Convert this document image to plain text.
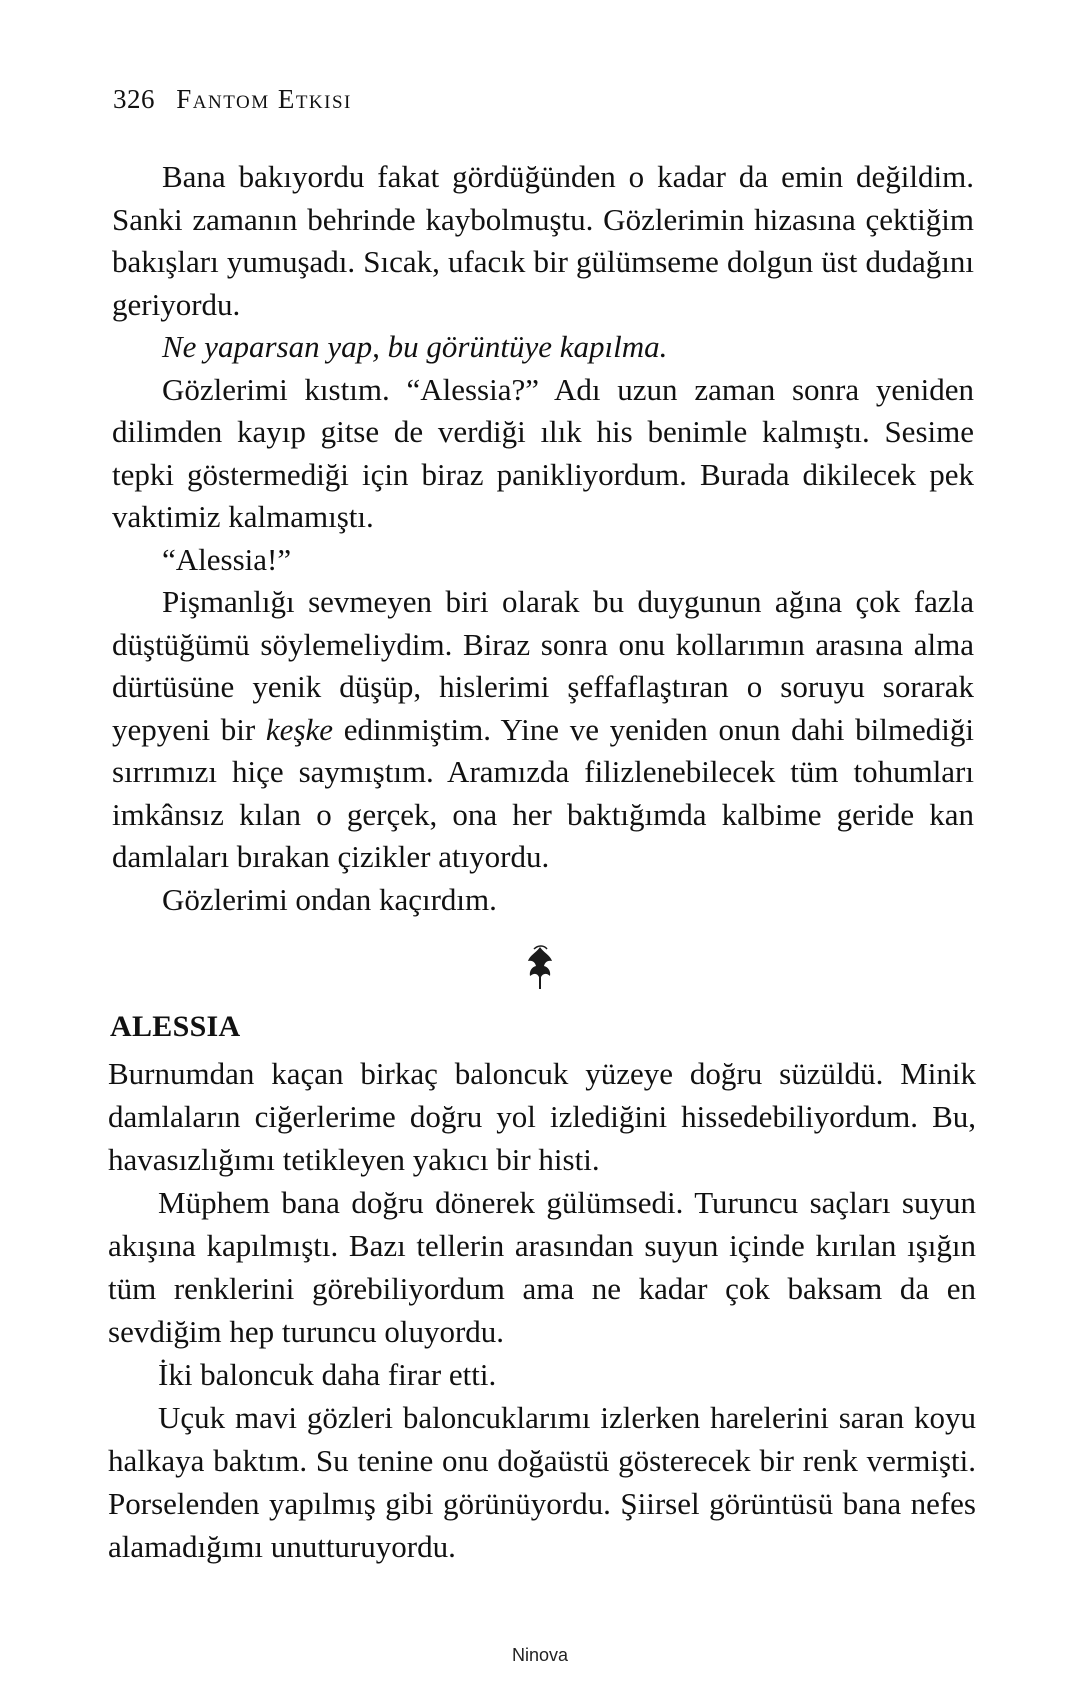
326 Fantom Etkisi

Bana bakıyordu fakat gördüğünden o kadar da emin değildim. Sanki zamanın behrinde kaybolmuştu. Gözlerimin hizasına çektiğim bakışları yumuşadı. Sıcak, ufacık bir gülümseme dolgun üst dudağını geriyordu.

Ne yaparsan yap, bu görüntüye kapılma.

Gözlerimi kıstım. “Alessia?” Adı uzun zaman sonra yeniden dilimden kayıp gitse de verdiği ılık his benimle kalmıştı. Sesime tepki göstermediği için biraz panikliyordum. Burada dikilecek pek vaktimiz kalmamıştı.

“Alessia!”

Pişmanlığı sevmeyen biri olarak bu duygunun ağına çok fazla düştüğümü söylemeliydim. Biraz sonra onu kollarımın arasına alma dürtüsüne yenik düşüp, hislerimi şeffaflaştıran o soruyu sorarak yepyeni bir keşke edinmiştim. Yine ve yeniden onun dahi bilmediği sırrımızı hiçe saymıştım. Aramızda filizlenebilecek tüm tohumları imkânsız kılan o gerçek, ona her baktığımda kalbime geride kan damlaları bırakan çizikler atıyordu.

Gözlerimi ondan kaçırdım.

ALESSIA

Burnumdan kaçan birkaç baloncuk yüzeye doğru süzüldü. Minik damlaların ciğerlerime doğru yol izlediğini hissedebiliyordum. Bu, havasızlığımı tetikleyen yakıcı bir histi.

Müphem bana doğru dönerek gülümsedi. Turuncu saçları suyun akışına kapılmıştı. Bazı tellerin arasından suyun içinde kırılan ışığın tüm renklerini görebiliyordum ama ne kadar çok baksam da en sevdiğim hep turuncu oluyordu.

İki baloncuk daha firar etti.

Uçuk mavi gözleri baloncuklarımı izlerken harelerini saran koyu halkaya baktım. Su tenine onu doğaüstü gösterecek bir renk vermişti. Porselenden yapılmış gibi görünüyordu. Şiirsel görüntüsü bana nefes alamadığımı unutturuyordu.

Ninova
